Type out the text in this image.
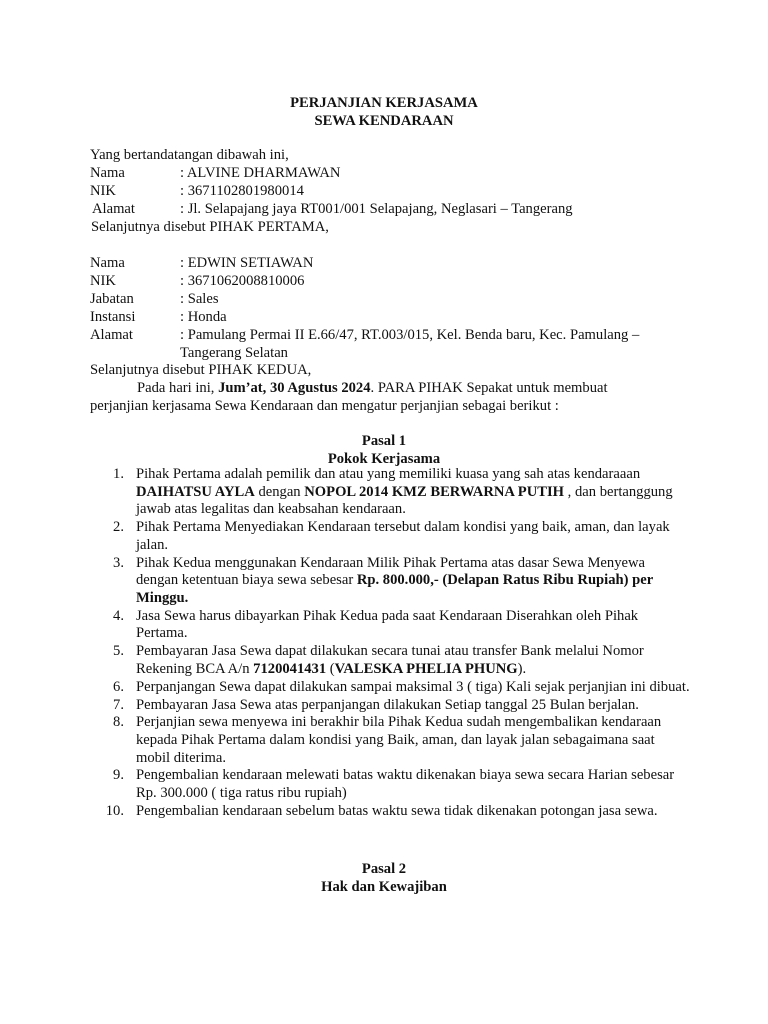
PERJANJIAN KERJASAMA
SEWA KENDARAAN
Yang bertandatangan dibawah ini,
Nama	: ALVINE DHARMAWAN
NIK	: 3671102801980014
Alamat	: Jl. Selapajang jaya RT001/001 Selapajang, Neglasari – Tangerang
Selanjutnya disebut PIHAK PERTAMA,
Nama	: EDWIN SETIAWAN
NIK	: 3671062008810006
Jabatan	: Sales
Instansi	: Honda
Alamat	: Pamulang Permai II E.66/47, RT.003/015, Kel. Benda baru, Kec. Pamulang –
Tangerang Selatan
Selanjutnya disebut PIHAK KEDUA,
Pada hari ini, Jum’at, 30 Agustus 2024. PARA PIHAK Sepakat untuk membuat
perjanjian kerjasama Sewa Kendaraan dan mengatur perjanjian sebagai berikut :
Pasal 1
Pokok Kerjasama
1. Pihak Pertama adalah pemilik dan atau yang memiliki kuasa yang sah atas kendaraaan DAIHATSU AYLA dengan NOPOL 2014 KMZ BERWARNA PUTIH , dan bertanggung jawab atas legalitas dan keabsahan kendaraan.
2. Pihak Pertama Menyediakan Kendaraan tersebut dalam kondisi yang baik, aman, dan layak jalan.
3. Pihak Kedua menggunakan Kendaraan Milik Pihak Pertama atas dasar Sewa Menyewa dengan ketentuan biaya sewa sebesar Rp. 800.000,- (Delapan Ratus Ribu Rupiah) per Minggu.
4. Jasa Sewa harus dibayarkan Pihak Kedua pada saat Kendaraan Diserahkan oleh Pihak Pertama.
5. Pembayaran Jasa Sewa dapat dilakukan secara tunai atau transfer Bank melalui Nomor Rekening BCA A/n 7120041431 (VALESKA PHELIA PHUNG).
6. Perpanjangan Sewa dapat dilakukan sampai maksimal 3 ( tiga) Kali sejak perjanjian ini dibuat.
7. Pembayaran Jasa Sewa atas perpanjangan dilakukan Setiap tanggal 25 Bulan berjalan.
8. Perjanjian sewa menyewa ini berakhir bila Pihak Kedua sudah mengembalikan kendaraan kepada Pihak Pertama dalam kondisi yang Baik, aman, dan layak jalan sebagaimana saat mobil diterima.
9. Pengembalian kendaraan melewati batas waktu dikenakan biaya sewa secara Harian sebesar Rp. 300.000 ( tiga ratus ribu rupiah)
10. Pengembalian kendaraan sebelum batas waktu sewa tidak dikenakan potongan jasa sewa.
Pasal 2
Hak dan Kewajiban
